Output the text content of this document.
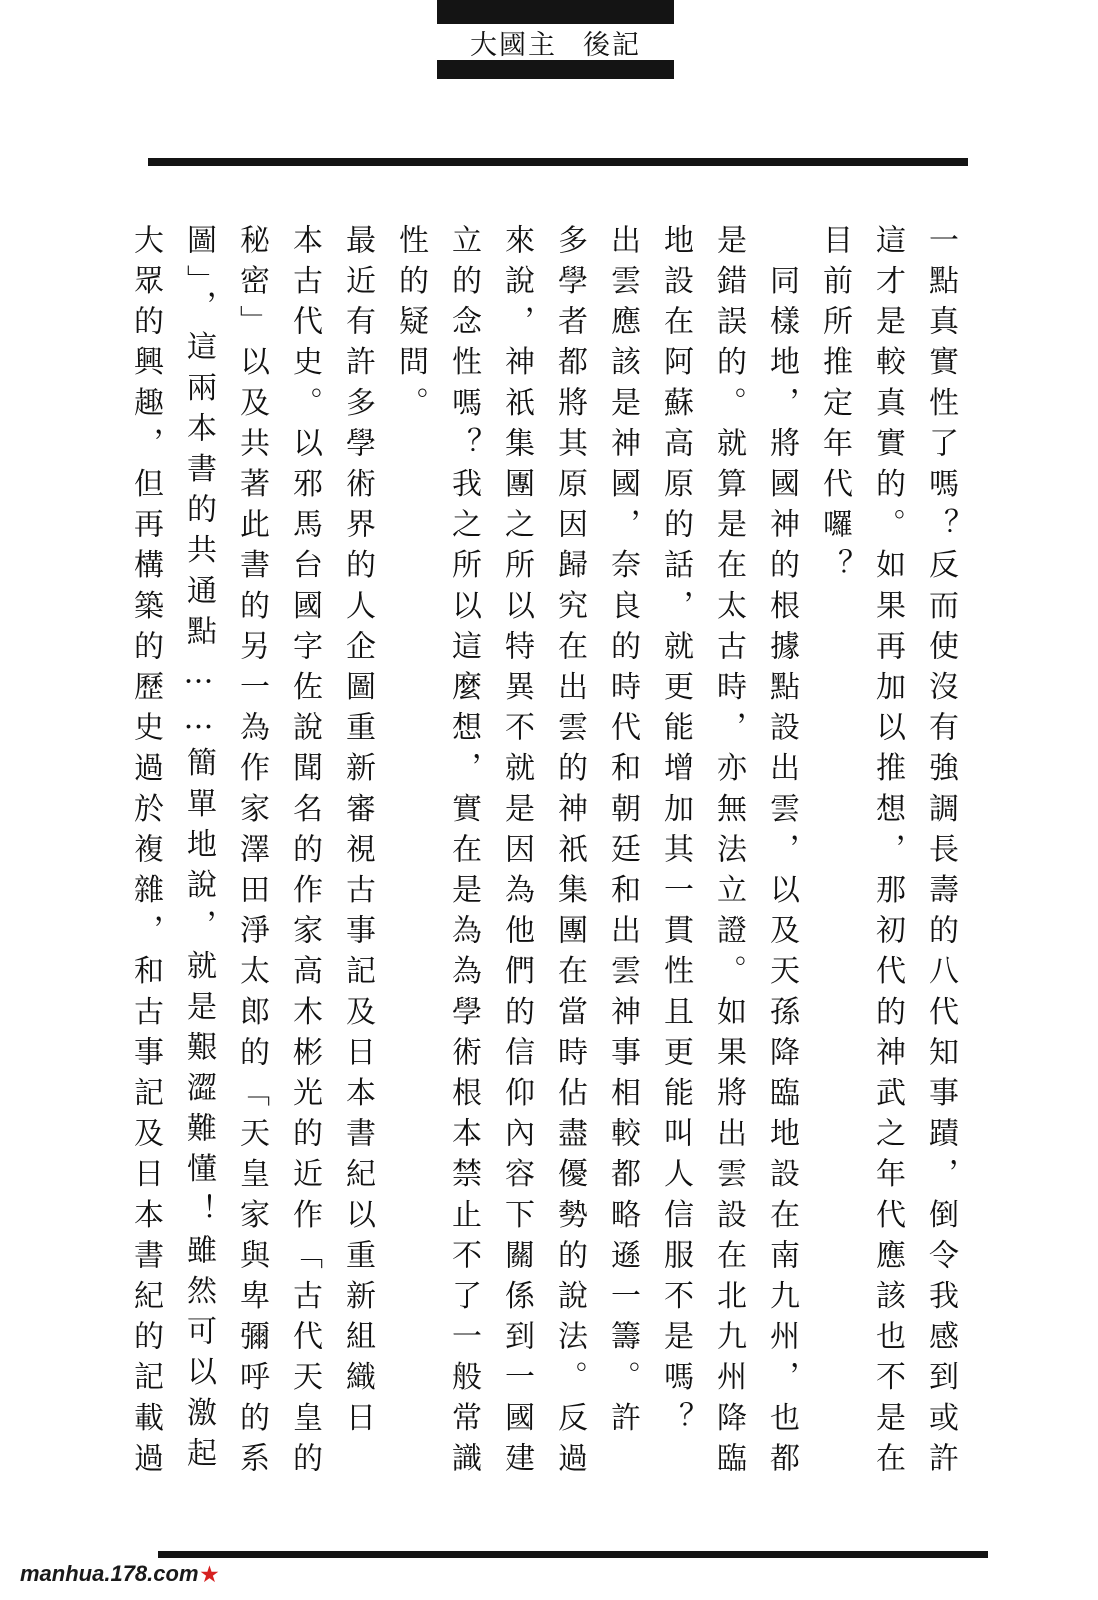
大國主 後記
一點真實性了嗎？反而使沒有強調長壽的八代知事蹟，倒令我感到或許
這才是較真實的。如果再加以推想，那初代的神武之年代應該也不是在
目前所推定年代囉？
　同樣地，將國神的根據點設出雲，以及天孫降臨地設在南九州，也都
是錯誤的。就算是在太古時，亦無法立證。如果將出雲設在北九州降臨
地設在阿蘇高原的話，就更能增加其一貫性且更能叫人信服不是嗎？
出雲應該是神國，奈良的時代和朝廷和出雲神事相較都略遜一籌。許
多學者都將其原因歸究在出雲的神祇集團在當時佔盡優勢的說法。反過
來說，神祇集團之所以特異不就是因為他們的信仰內容下關係到一國建
立的念性嗎？我之所以這麼想，實在是為為學術根本禁止不了一般常識
性的疑問。
最近有許多學術界的人企圖重新審視古事記及日本書紀以重新組織日
本古代史。以邪馬台國字佐說聞名的作家高木彬光的近作「古代天皇的
秘密」以及共著此書的另一為作家澤田淨太郎的「天皇家與卑彌呼的系
圖」，這兩本書的共通點……簡單地說，就是艱澀難懂！雖然可以激起
大眾的興趣，但再構築的歷史過於複雜，和古事記及日本書紀的記載過
manhua.178.com ★
